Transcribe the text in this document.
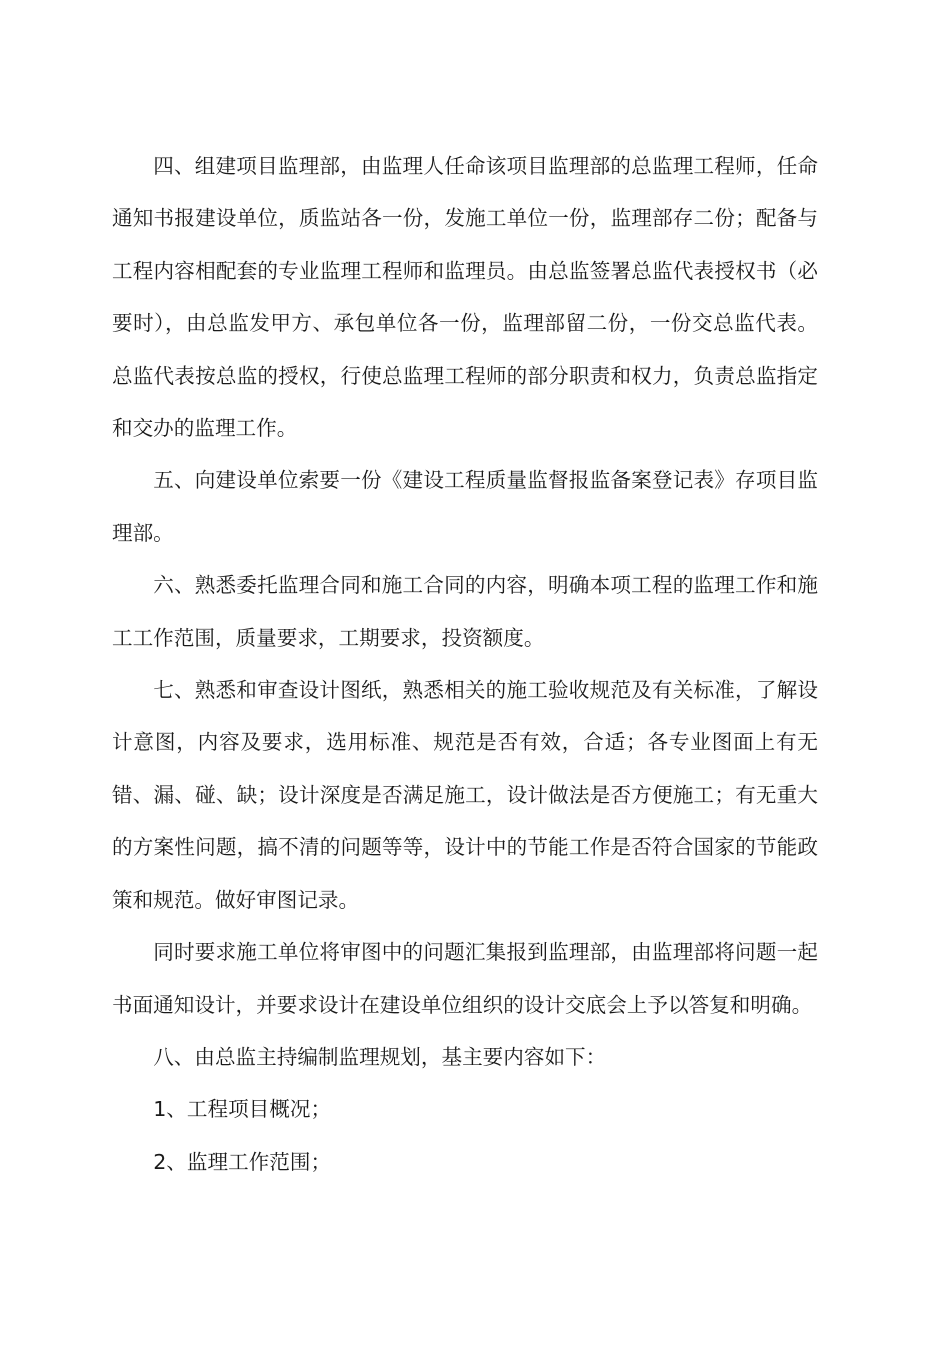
四、组建项目监理部，由监理人任命该项目监理部的总监理工程师，任命通知书报建设单位，质监站各一份，发施工单位一份，监理部存二份；配备与工程内容相配套的专业监理工程师和监理员。由总监签署总监代表授权书（必要时），由总监发甲方、承包单位各一份，监理部留二份，一份交总监代表。总监代表按总监的授权，行使总监理工程师的部分职责和权力，负责总监指定和交办的监理工作。

五、向建设单位索要一份《建设工程质量监督报监备案登记表》存项目监理部。

六、熟悉委托监理合同和施工合同的内容，明确本项工程的监理工作和施工工作范围，质量要求，工期要求，投资额度。

七、熟悉和审查设计图纸，熟悉相关的施工验收规范及有关标准，了解设计意图，内容及要求，选用标准、规范是否有效，合适；各专业图面上有无错、漏、碰、缺；设计深度是否满足施工，设计做法是否方便施工；有无重大的方案性问题，搞不清的问题等等，设计中的节能工作是否符合国家的节能政策和规范。做好审图记录。

同时要求施工单位将审图中的问题汇集报到监理部，由监理部将问题一起书面通知设计，并要求设计在建设单位组织的设计交底会上予以答复和明确。

八、由总监主持编制监理规划，基主要内容如下：

1、工程项目概况；

2、监理工作范围；
